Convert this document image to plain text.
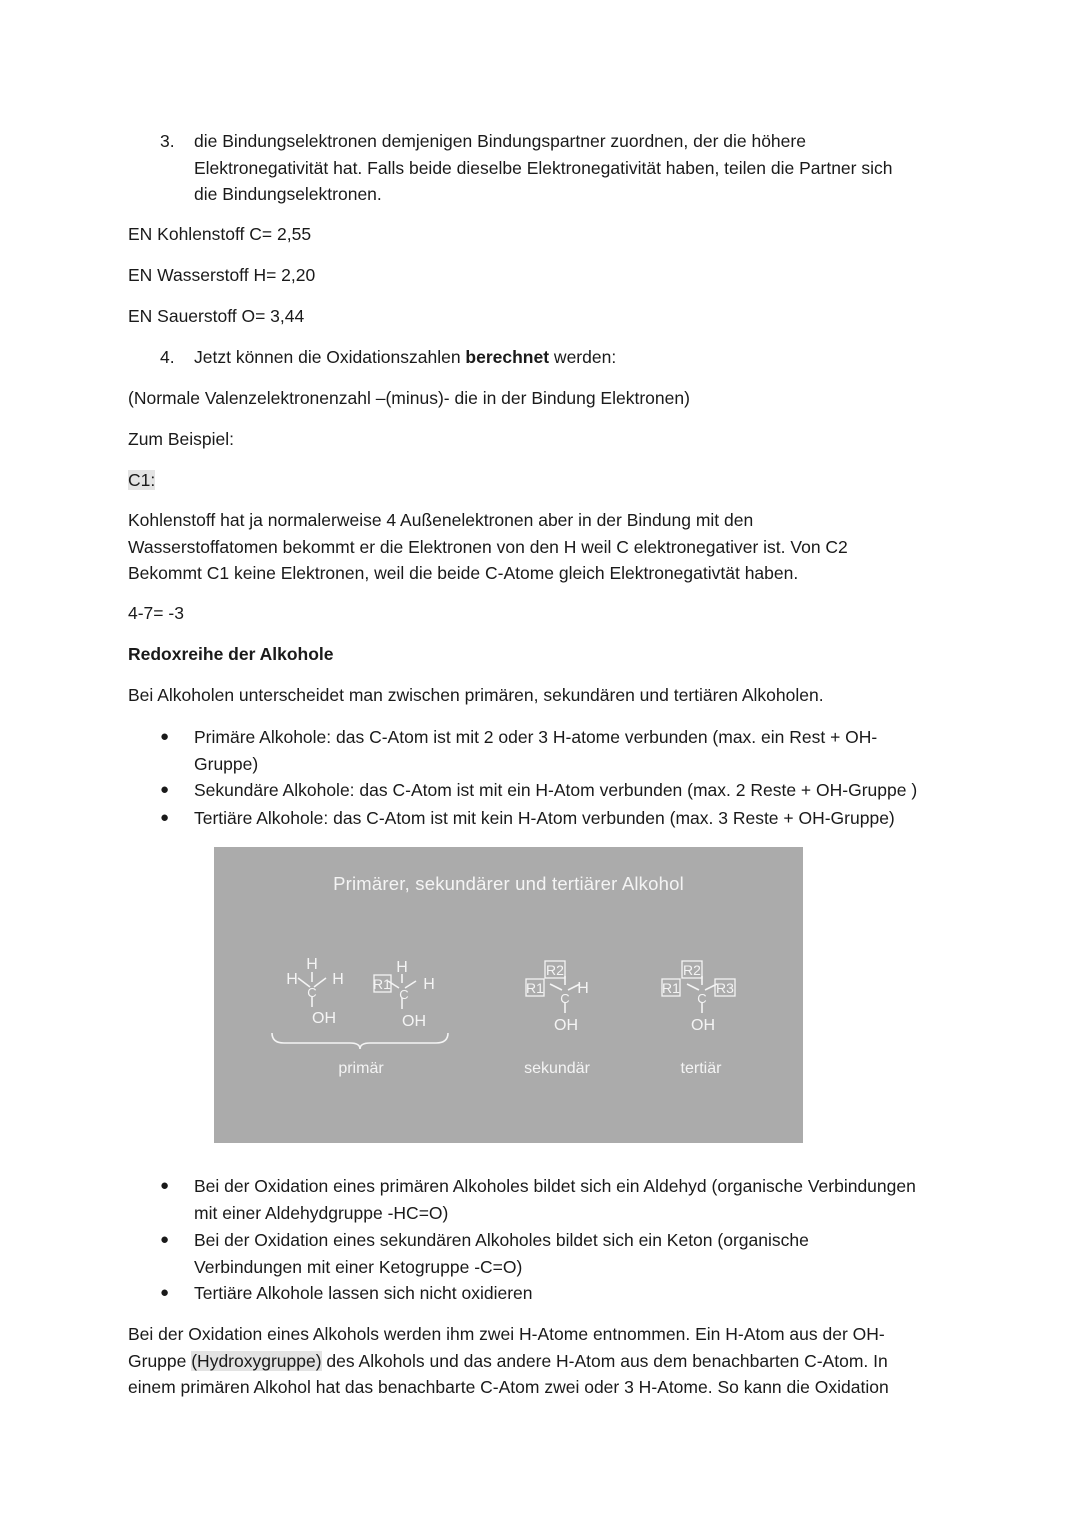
3.	die Bindungselektronen demjenigen Bindungspartner zuordnen, der die höhere
Elektronegativität hat. Falls beide dieselbe Elektronegativität haben, teilen die Partner sich
die Bindungselektronen.
EN Kohlenstoff C= 2,55
EN Wasserstoff H= 2,20
EN Sauerstoff O= 3,44
4.	Jetzt können die Oxidationszahlen berechnet werden:
(Normale Valenzelektronenzahl –(minus)- die in der Bindung Elektronen)
Zum Beispiel:
C1:
Kohlenstoff hat ja normalerweise 4 Außenelektronen aber in der Bindung mit den
Wasserstoffatomen bekommt er die Elektronen von den H weil C elektronegativer ist. Von C2
Bekommt C1 keine Elektronen, weil die beide C-Atome gleich Elektronegativtät haben.
4-7= -3
Redoxreihe der Alkohole
Bei Alkoholen unterscheidet man zwischen primären, sekundären und tertiären Alkoholen.
● Primäre Alkohole: das C-Atom ist mit 2 oder 3 H-atome verbunden (max. ein Rest + OH-
Gruppe)
● Sekundäre Alkohole: das C-Atom ist mit ein H-Atom verbunden (max. 2 Reste + OH-Gruppe )
● Tertiäre Alkohole: das C-Atom ist mit kein H-Atom verbunden (max. 3 Reste + OH-Gruppe)
Primärer, sekundärer und tertiärer Alkohol
H
H H
C
OH
H
R1 H
C
OH
R2
R1 H
C
OH
R2
R1	R3
C
OH
primär	sekundär	tertiär
● Bei der Oxidation eines primären Alkoholes bildet sich ein Aldehyd (organische Verbindungen
mit einer Aldehydgruppe -HC=O)
● Bei der Oxidation eines sekundären Alkoholes bildet sich ein Keton (organische
Verbindungen mit einer Ketogruppe -C=O)
● Tertiäre Alkohole lassen sich nicht oxidieren
Bei der Oxidation eines Alkohols werden ihm zwei H-Atome entnommen. Ein H-Atom aus der OH-
Gruppe (Hydroxygruppe) des Alkohols und das andere H-Atom aus dem benachbarten C-Atom. In
einem primären Alkohol hat das benachbarte C-Atom zwei oder 3 H-Atome. So kann die Oxidation
